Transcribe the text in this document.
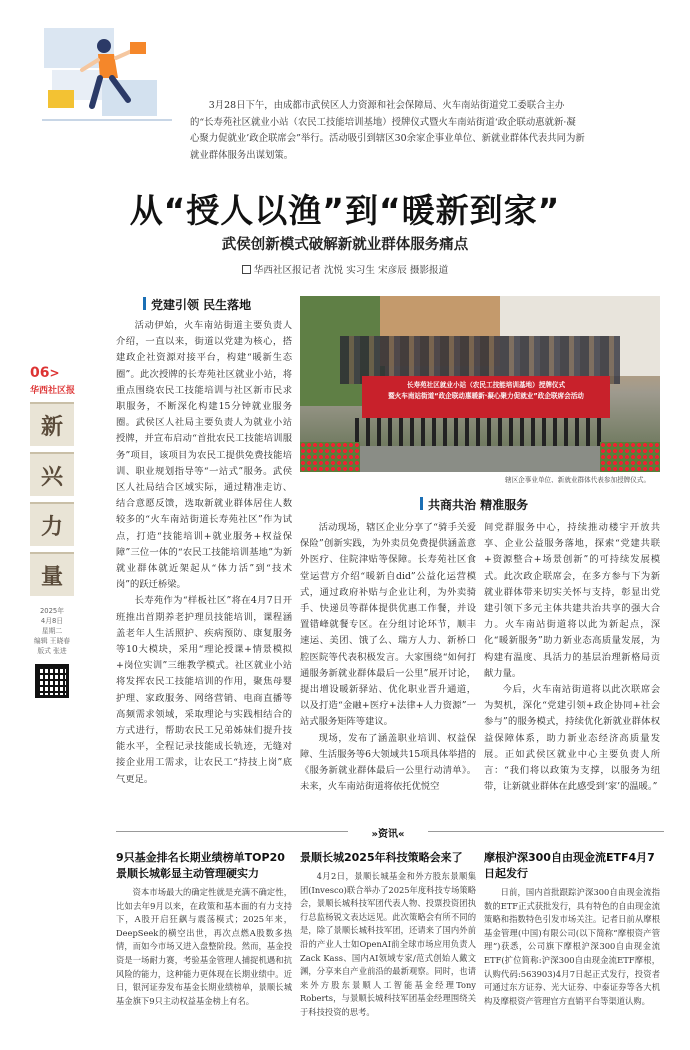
3月28日下午，由成都市武侯区人力资源和社会保障局、火车南站街道党工委联合主办的“长寿苑社区就业小站（农民工技能培训基地）授牌仪式暨火车南站街道‘政企联动惠就新·凝心聚力促就业’政企联席会”举行。活动吸引到辖区30余家企事业单位、新就业群体代表共同为新就业群体服务出谋划策。

从“授人以渔”到“暖新到家”
武侯创新模式破解新就业群体服务痛点
华西社区报记者 沈悦 实习生 宋彦辰 摄影报道
06>
华西社区报
新
兴
力
量
2025年
4月8日
星期二
编辑 王晓春
版式 张进
党建引领 民生落地

活动伊始，火车南站街道主要负责人介绍，一直以来，街道以党建为核心，搭建政企社资源对接平台，构建“暖新生态圈”。此次授牌的长寿苑社区就业小站，将重点围绕农民工技能培训与社区新市民求职服务，不断深化构建15分钟就业服务圈。武侯区人社局主要负责人为就业小站授牌，并宣布启动“首批农民工技能培训服务”项目，该项目为农民工提供免费技能培训、职业规划指导等“一站式”服务。武侯区人社局结合区域实际，通过精准走访、结合意愿反馈，选取新就业群体居住人数较多的“火车南站街道长寿苑社区”作为试点，打造“技能培训+就业服务+权益保障”三位一体的“农民工技能培训基地”为新就业群体就近架起从“体力活”到“技术岗”的跃迁桥梁。

长寿苑作为“样板社区”将在4月7日开班推出首期养老护理员技能培训，课程涵盖老年人生活照护、疾病预防、康复服务等10大模块，采用“理论授课+情景模拟+岗位实训”三维教学模式。社区就业小站将发挥农民工技能培训的作用，聚焦母婴护理、家政服务、网络营销、电商直播等高频需求领域，采取理论与实践相结合的方式进行，帮助农民工兄弟姊妹们提升技能水平，全程记录技能成长轨迹，无缝对接企业用工需求，让农民工“持技上岗”底气更足。

长寿苑社区就业小站（农民工技能培训基地）授牌仪式
暨火车南站街道“政企联动惠暖新·凝心聚力促就业”政企联席会活动
辖区企事业单位、新就业群体代表参加授牌仪式。
共商共治 精准服务

活动现场，辖区企业分享了“骑手关爱保险”创新实践，为外卖员免费提供涵盖意外医疗、住院津贴等保障。长寿苑社区食堂运营方介绍“暖新自did”公益化运营模式，通过政府补贴与企业让利，为外卖骑手、快递员等群体提供优惠工作餐，并设置错峰就餐专区。在分组讨论环节，顺丰速运、美团、饿了么、瑞方人力、新桥口腔医院等代表积极发言。大家围绕“如何打通服务新就业群体最后一公里”展开讨论，提出增设暖新驿站、优化职业晋升通道，以及打造“金融+医疗+法律+人力资源”一站式服务矩阵等建议。

现场，发布了涵盖职业培训、权益保障、生活服务等6大领域共15项具体举措的《服务新就业群体最后一公里行动清单》。未来，火车南站街道将依托优悦空

间党群服务中心，持续推动楼宇开放共享、企业公益服务落地，探索“党建共联+资源整合+场景创新”的可持续发展模式。此次政企联席会，在多方参与下为新就业群体带来切实关怀与支持，彰显出党建引领下多元主体共建共治共享的强大合力。火车南站街道将以此为新起点，深化“暖新服务”助力新业态高质量发展，为构建有温度、具活力的基层治理新格局贡献力量。

今后，火车南站街道将以此次联席会为契机，深化“党建引领+政企协同+社会参与”的服务模式，持续优化新就业群体权益保障体系，助力新业态经济高质量发展。正如武侯区就业中心主要负责人所言：“我们将以政策为支撑，以服务为纽带，让新就业群体在此感受到‘家’的温暖。”

»资讯«
9只基金排名长期业绩榜单TOP20 景顺长城彰显主动管理硬实力

资本市场最大的确定性就是充满不确定性，比如去年9月以来，在政策和基本面的有力支持下，A股开启狂飙与震荡模式；2025年来，DeepSeek的横空出世，再次点燃A股数多热情，而如今市场又进入盘整阶段。然而，基金投资是一场耐力赛，考验基金管理人捕捉机遇和抗风险的能力，这种能力更体现在长期业绩中。近日，银河证券发布基金长期业绩榜单，景顺长城基金旗下9只主动权益基金榜上有名。

景顺长城2025年科技策略会来了

4月2日，景顺长城基金和外方股东景顺集团(Invesco)联合举办了2025年度科技专场策略会，景顺长城科技军团代表人物、投票投资团执行总监杨锐文表达远见。此次策略会有所不同的是，除了景顺长城科技军团，还请来了国内外前沿的产业人士如OpenAI前全球市场应用负责人Zack Kass、国内AI领域专家/范式创始人戴文渊，分享来自产业前沿的最新观察。同时，也请来外方股东景顺人工智能基金经理Tony Roberts，与景顺长城科技军团基金经理围绕关于科技投资的思考。

摩根沪深300自由现金流ETF4月7日起发行

日前，国内首批跟踪沪深300自由现金流指数的ETF正式获批发行，具有特色的自由现金流策略和指数特色引发市场关注。记者日前从摩根基金管理(中国)有限公司(以下简称“摩根资产管理”)获悉，公司旗下摩根沪深300自由现金流ETF(扩位简称:沪深300自由现金流ETF摩根，认购代码:563903)4月7日起正式发行，投资者可通过东方证券、光大证券、中泰证券等各大机构及摩根资产管理官方直销平台等渠道认购。
